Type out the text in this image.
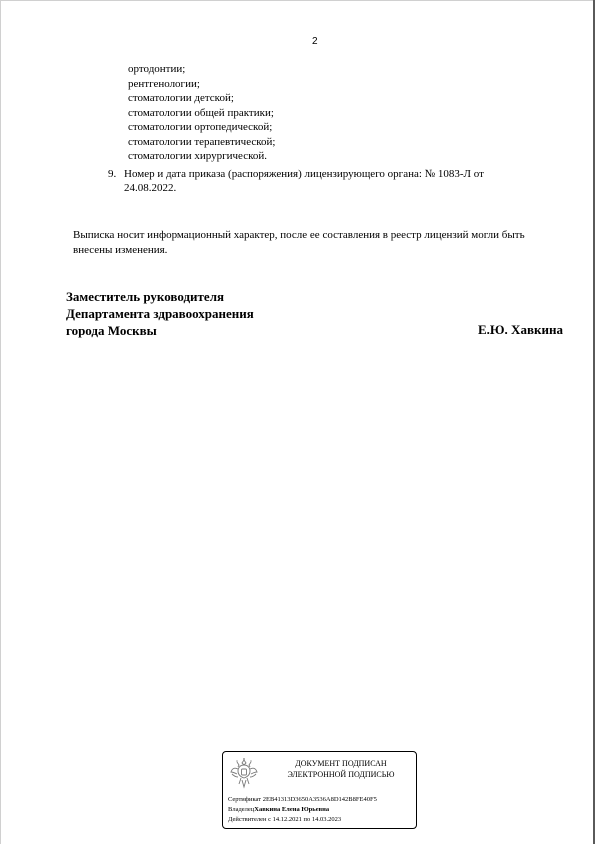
2
ортодонтии;
рентгенологии;
стоматологии детской;
стоматологии общей практики;
стоматологии ортопедической;
стоматологии терапевтической;
стоматологии хирургической.
9. Номер и дата приказа (распоряжения) лицензирующего органа: № 1083-Л от
24.08.2022.
Выписка носит информационный характер, после ее составления в реестр лицензий могли быть
внесены изменения.
Заместитель руководителя
Департамента здравоохранения
города Москвы	Е.Ю. Хавкина
ДОКУМЕНТ ПОДПИСАН
ЭЛЕКТРОННОЙ ПОДПИСЬЮ
Сертификат 2EB41313D3650A3536A8D142B8FE40F5
ВладелецХавкина Елена Юрьевна
Действителен с 14.12.2021 по 14.03.2023
